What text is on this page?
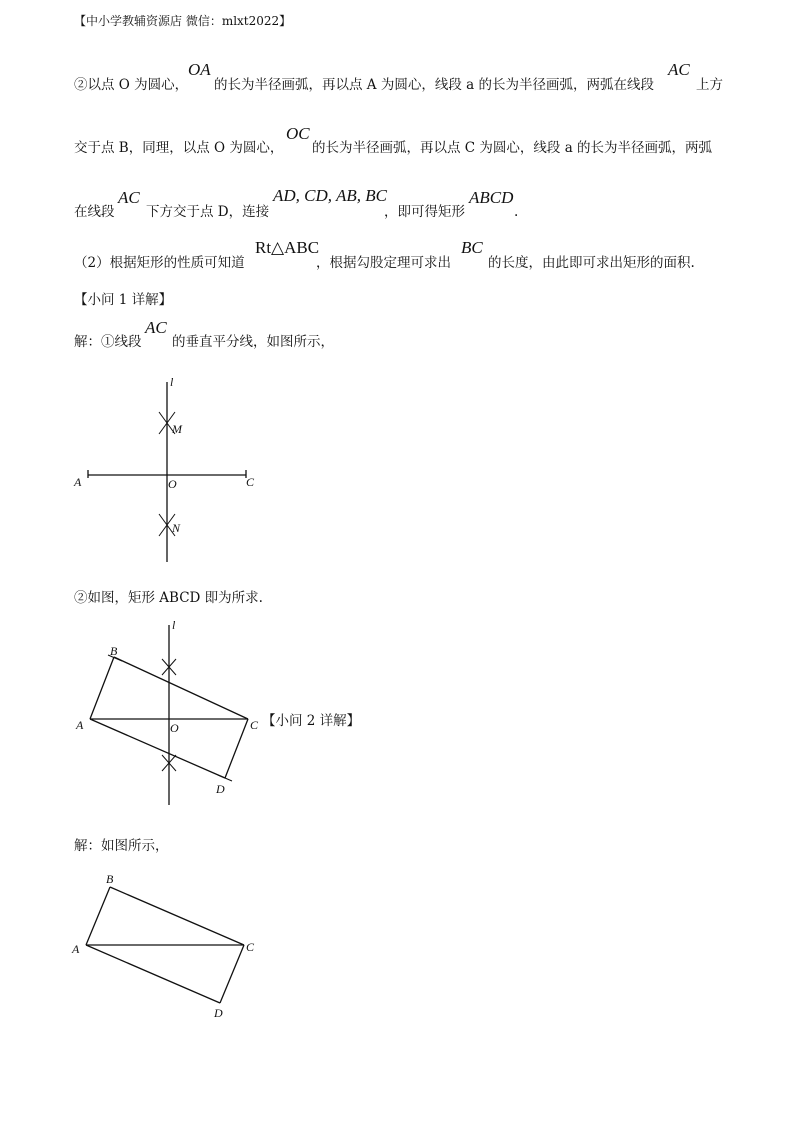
【中小学教辅资源店 微信：mlxt2022】
②以点 O 为圆心，
OA
的长为半径画弧，再以点 A 为圆心，线段 a 的长为半径画弧，两弧在线段
AC
上方
交于点 B，同理，以点 O 为圆心，
OC
的长为半径画弧，再以点 C 为圆心，线段 a 的长为半径画弧，两弧
在线段
AC
下方交于点 D，连接
AD, CD, AB, BC
，即可得矩形
ABCD
.
（2）根据矩形的性质可知道
Rt△ABC
，根据勾股定理可求出
BC
的长度，由此即可求出矩形的面积.
【小问 1 详解】
解：①线段
AC
的垂直平分线，如图所示，
l
M
A	O	C
N
②如图，矩形 ABCD 即为所求.
l
B
A	O	C
D
【小问 2 详解】
解：如图所示，
B
A	C
D
